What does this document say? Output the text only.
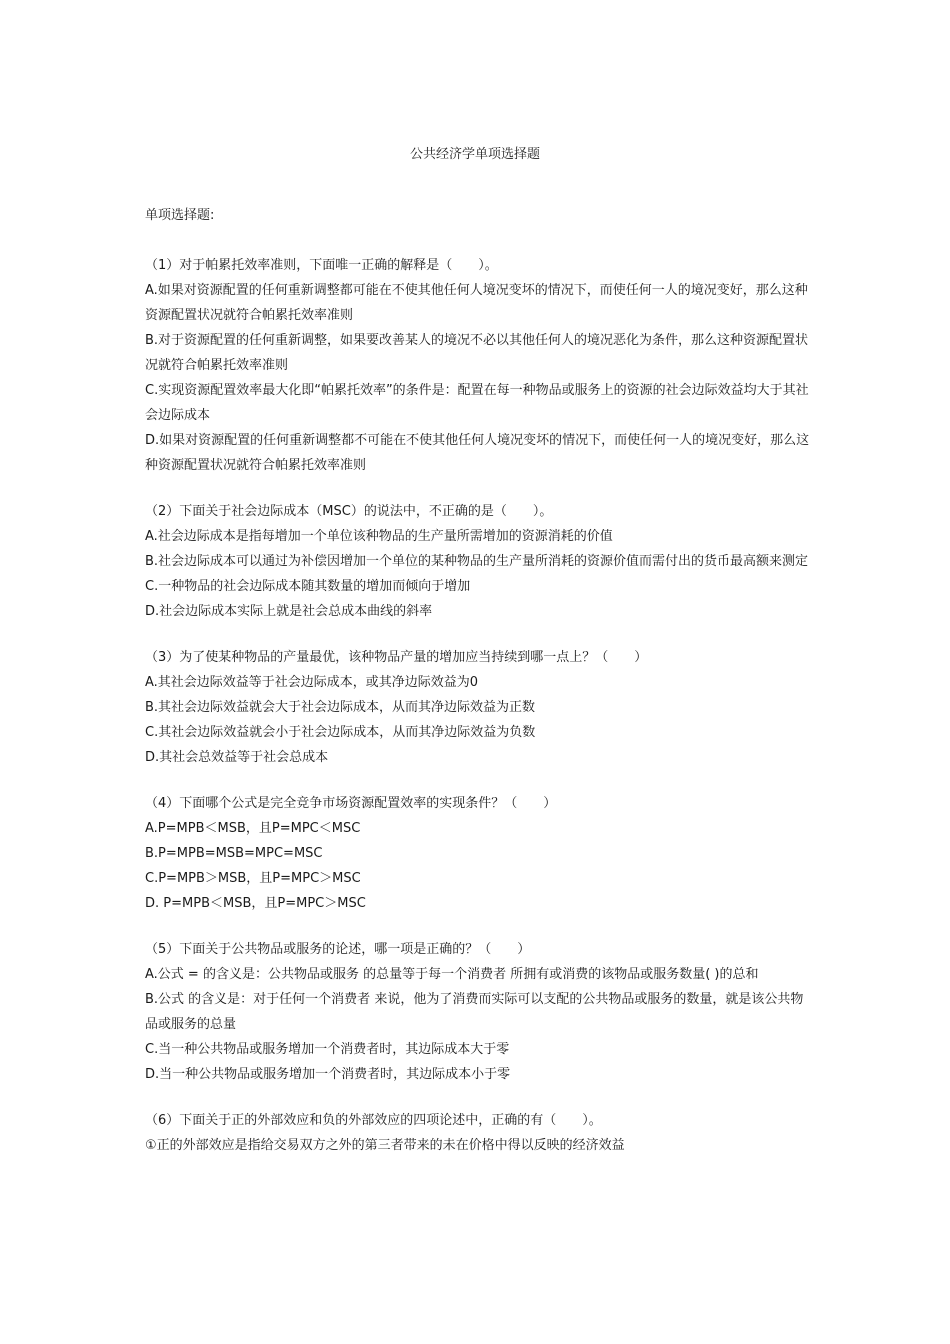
公共经济学单项选择题

单项选择题:

（1）对于帕累托效率准则，下面唯一正确的解释是（　　）。

A.如果对资源配置的任何重新调整都可能在不使其他任何人境况变坏的情况下，而使任何一人的境况变好，那么这种资源配置状况就符合帕累托效率准则

B.对于资源配置的任何重新调整，如果要改善某人的境况不必以其他任何人的境况恶化为条件，那么这种资源配置状况就符合帕累托效率准则

C.实现资源配置效率最大化即“帕累托效率”的条件是：配置在每一种物品或服务上的资源的社会边际效益均大于其社会边际成本

D.如果对资源配置的任何重新调整都不可能在不使其他任何人境况变坏的情况下，而使任何一人的境况变好，那么这种资源配置状况就符合帕累托效率准则

（2）下面关于社会边际成本（MSC）的说法中，不正确的是（　　）。

A.社会边际成本是指每增加一个单位该种物品的生产量所需增加的资源消耗的价值

B.社会边际成本可以通过为补偿因增加一个单位的某种物品的生产量所消耗的资源价值而需付出的货币最高额来测定

C.一种物品的社会边际成本随其数量的增加而倾向于增加

D.社会边际成本实际上就是社会总成本曲线的斜率

（3）为了使某种物品的产量最优，该种物品产量的增加应当持续到哪一点上？（　　）

A.其社会边际效益等于社会边际成本，或其净边际效益为0

B.其社会边际效益就会大于社会边际成本，从而其净边际效益为正数

C.其社会边际效益就会小于社会边际成本，从而其净边际效益为负数

D.其社会总效益等于社会总成本

（4）下面哪个公式是完全竞争市场资源配置效率的实现条件？（　　）

A.P=MPB＜MSB，且P=MPC＜MSC

B.P=MPB=MSB=MPC=MSC

C.P=MPB＞MSB，且P=MPC＞MSC

D. P=MPB＜MSB，且P=MPC＞MSC

（5）下面关于公共物品或服务的论述，哪一项是正确的？（　　）

A.公式 = 的含义是：公共物品或服务 的总量等于每一个消费者 所拥有或消费的该物品或服务数量( )的总和

B.公式 的含义是：对于任何一个消费者 来说，他为了消费而实际可以支配的公共物品或服务的数量，就是该公共物品或服务的总量

C.当一种公共物品或服务增加一个消费者时，其边际成本大于零

D.当一种公共物品或服务增加一个消费者时，其边际成本小于零

（6）下面关于正的外部效应和负的外部效应的四项论述中，正确的有（　　）。

①正的外部效应是指给交易双方之外的第三者带来的未在价格中得以反映的经济效益
